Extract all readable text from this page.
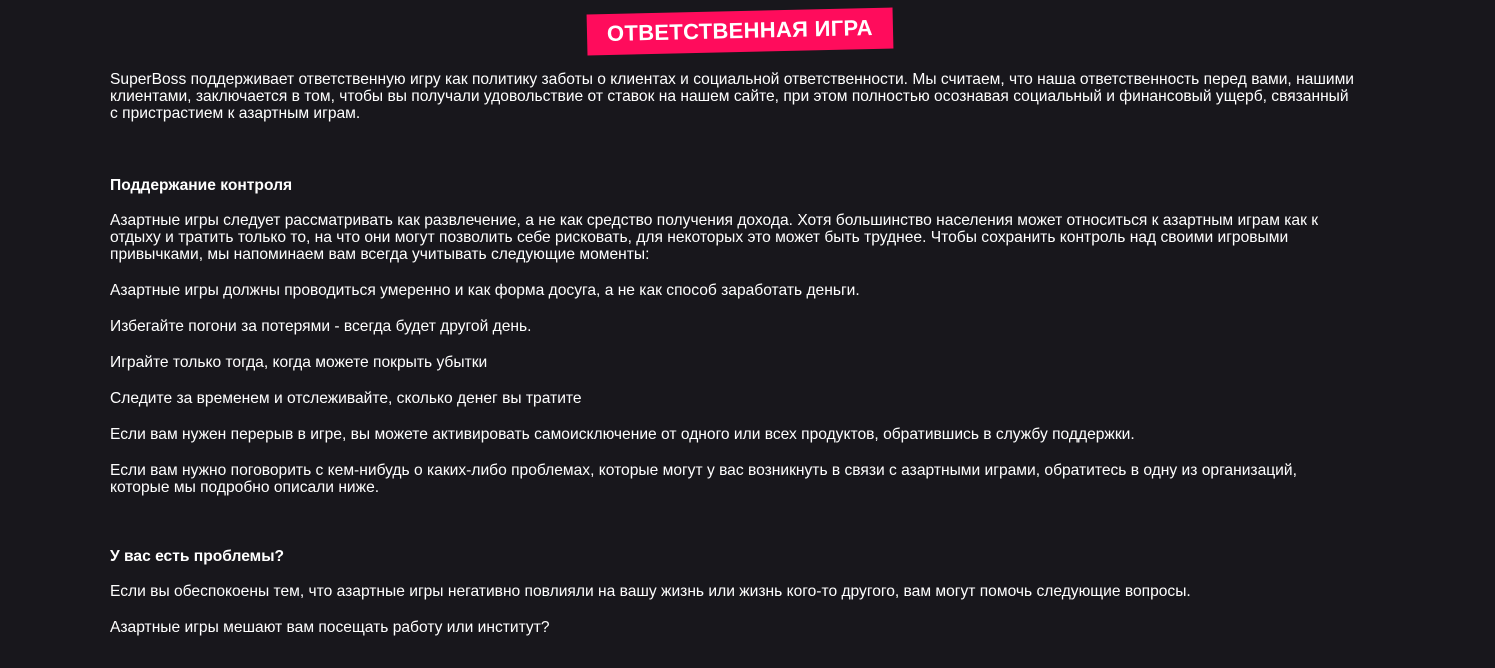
ОТВЕТСТВЕННАЯ ИГРА

SuperBoss поддерживает ответственную игру как политику заботы о клиентах и социальной ответственности. Мы считаем, что наша ответственность перед вами, нашими клиентами, заключается в том, чтобы вы получали удовольствие от ставок на нашем сайте, при этом полностью осознавая социальный и финансовый ущерб, связанный с пристрастием к азартным играм.

Поддержание контроля

Азартные игры следует рассматривать как развлечение, а не как средство получения дохода. Хотя большинство населения может относиться к азартным играм как к отдыху и тратить только то, на что они могут позволить себе рисковать, для некоторых это может быть труднее. Чтобы сохранить контроль над своими игровыми привычками, мы напоминаем вам всегда учитывать следующие моменты:

Азартные игры должны проводиться умеренно и как форма досуга, а не как способ заработать деньги.

Избегайте погони за потерями - всегда будет другой день.

Играйте только тогда, когда можете покрыть убытки

Следите за временем и отслеживайте, сколько денег вы тратите

Если вам нужен перерыв в игре, вы можете активировать самоисключение от одного или всех продуктов, обратившись в службу поддержки.

Если вам нужно поговорить с кем-нибудь о каких-либо проблемах, которые могут у вас возникнуть в связи с азартными играми, обратитесь в одну из организаций, которые мы подробно описали ниже.

У вас есть проблемы?

Если вы обеспокоены тем, что азартные игры негативно повлияли на вашу жизнь или жизнь кого-то другого, вам могут помочь следующие вопросы.

Азартные игры мешают вам посещать работу или институт?
